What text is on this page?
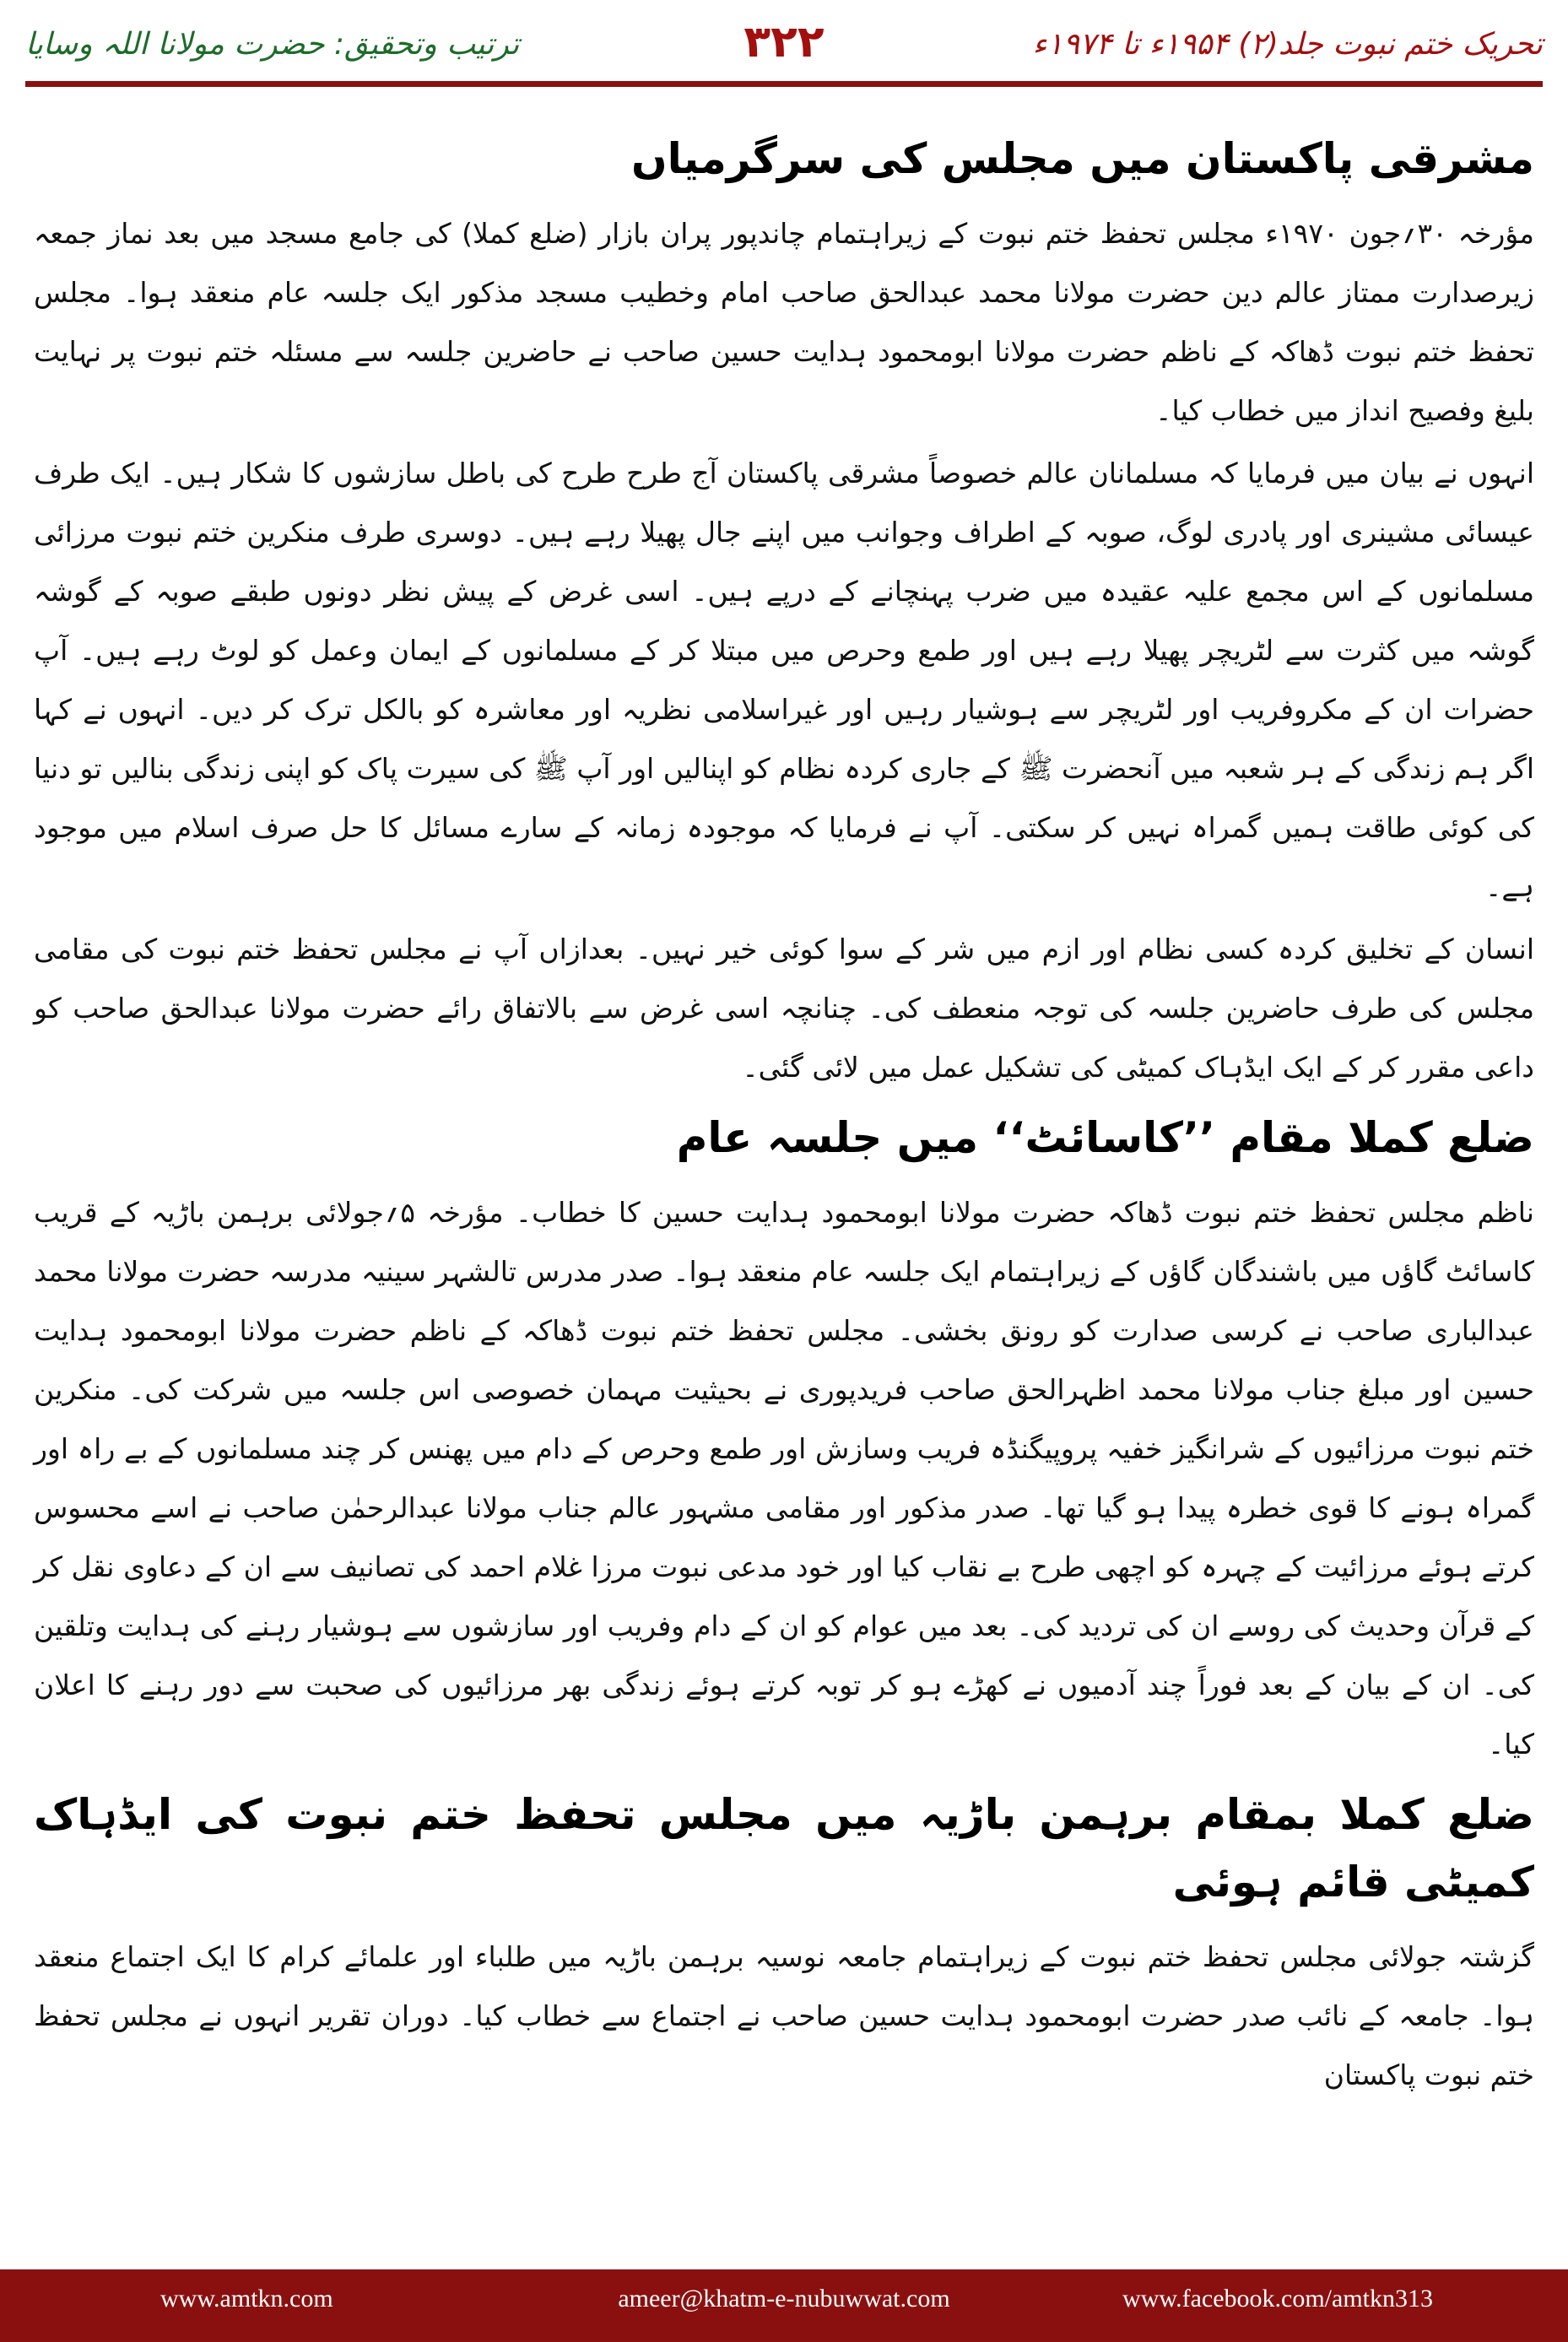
تحریک ختم نبوت جلد(۲) ۱۹۵۴ء تا ۱۹۷۴ء
۳۲۲
ترتیب وتحقیق: حضرت مولانا اللہ وسایا
مشرقی پاکستان میں مجلس کی سرگرمیاں

مؤرخہ ۳۰؍جون ۱۹۷۰ء مجلس تحفظ ختم نبوت کے زیراہتمام چاندپور پران بازار (ضلع کملا) کی جامع مسجد میں بعد نماز جمعہ زیرصدارت ممتاز عالم دین حضرت مولانا محمد عبدالحق صاحب امام وخطیب مسجد مذکور ایک جلسہ عام منعقد ہوا۔ مجلس تحفظ ختم نبوت ڈھاکہ کے ناظم حضرت مولانا ابومحمود ہدایت حسین صاحب نے حاضرین جلسہ سے مسئلہ ختم نبوت پر نہایت بلیغ وفصیح انداز میں خطاب کیا۔

انہوں نے بیان میں فرمایا کہ مسلمانان عالم خصوصاً مشرقی پاکستان آج طرح طرح کی باطل سازشوں کا شکار ہیں۔ ایک طرف عیسائی مشینری اور پادری لوگ، صوبہ کے اطراف وجوانب میں اپنے جال پھیلا رہے ہیں۔ دوسری طرف منکرین ختم نبوت مرزائی مسلمانوں کے اس مجمع علیہ عقیدہ میں ضرب پہنچانے کے درپے ہیں۔ اسی غرض کے پیش نظر دونوں طبقے صوبہ کے گوشہ گوشہ میں کثرت سے لٹریچر پھیلا رہے ہیں اور طمع وحرص میں مبتلا کر کے مسلمانوں کے ایمان وعمل کو لوٹ رہے ہیں۔ آپ حضرات ان کے مکروفریب اور لٹریچر سے ہوشیار رہیں اور غیراسلامی نظریہ اور معاشرہ کو بالکل ترک کر دیں۔ انہوں نے کہا اگر ہم زندگی کے ہر شعبہ میں آنحضرت ﷺ کے جاری کردہ نظام کو اپنالیں اور آپ ﷺ کی سیرت پاک کو اپنی زندگی بنالیں تو دنیا کی کوئی طاقت ہمیں گمراہ نہیں کر سکتی۔ آپ نے فرمایا کہ موجودہ زمانہ کے سارے مسائل کا حل صرف اسلام میں موجود ہے۔

انسان کے تخلیق کردہ کسی نظام اور ازم میں شر کے سوا کوئی خیر نہیں۔ بعدازاں آپ نے مجلس تحفظ ختم نبوت کی مقامی مجلس کی طرف حاضرین جلسہ کی توجہ منعطف کی۔ چنانچہ اسی غرض سے بالاتفاق رائے حضرت مولانا عبدالحق صاحب کو داعی مقرر کر کے ایک ایڈہاک کمیٹی کی تشکیل عمل میں لائی گئی۔

ضلع کملا مقام ’’کاسائٹ‘‘ میں جلسہ عام

ناظم مجلس تحفظ ختم نبوت ڈھاکہ حضرت مولانا ابومحمود ہدایت حسین کا خطاب۔ مؤرخہ ۵؍جولائی برہمن باڑیہ کے قریب کاسائٹ گاؤں میں باشندگان گاؤں کے زیراہتمام ایک جلسہ عام منعقد ہوا۔ صدر مدرس تالشہر سینیہ مدرسہ حضرت مولانا محمد عبدالباری صاحب نے کرسی صدارت کو رونق بخشی۔ مجلس تحفظ ختم نبوت ڈھاکہ کے ناظم حضرت مولانا ابومحمود ہدایت حسین اور مبلغ جناب مولانا محمد اظہرالحق صاحب فریدپوری نے بحیثیت مہمان خصوصی اس جلسہ میں شرکت کی۔ منکرین ختم نبوت مرزائیوں کے شرانگیز خفیہ پروپیگنڈہ فریب وسازش اور طمع وحرص کے دام میں پھنس کر چند مسلمانوں کے بے راہ اور گمراہ ہونے کا قوی خطرہ پیدا ہو گیا تھا۔ صدر مذکور اور مقامی مشہور عالم جناب مولانا عبدالرحمٰن صاحب نے اسے محسوس کرتے ہوئے مرزائیت کے چہرہ کو اچھی طرح بے نقاب کیا اور خود مدعی نبوت مرزا غلام احمد کی تصانیف سے ان کے دعاوی نقل کر کے قرآن وحدیث کی روسے ان کی تردید کی۔ بعد میں عوام کو ان کے دام وفریب اور سازشوں سے ہوشیار رہنے کی ہدایت وتلقین کی۔ ان کے بیان کے بعد فوراً چند آدمیوں نے کھڑے ہو کر توبہ کرتے ہوئے زندگی بھر مرزائیوں کی صحبت سے دور رہنے کا اعلان کیا۔

ضلع کملا بمقام برہمن باڑیہ میں مجلس تحفظ ختم نبوت کی ایڈہاک کمیٹی قائم ہوئی

گزشتہ جولائی مجلس تحفظ ختم نبوت کے زیراہتمام جامعہ نوسیہ برہمن باڑیہ میں طلباء اور علمائے کرام کا ایک اجتماع منعقد ہوا۔ جامعہ کے نائب صدر حضرت ابومحمود ہدایت حسین صاحب نے اجتماع سے خطاب کیا۔ دوران تقریر انہوں نے مجلس تحفظ ختم نبوت پاکستان

www.amtkn.com	ameer@khatm-e-nubuwwat.com	www.facebook.com/amtkn313
